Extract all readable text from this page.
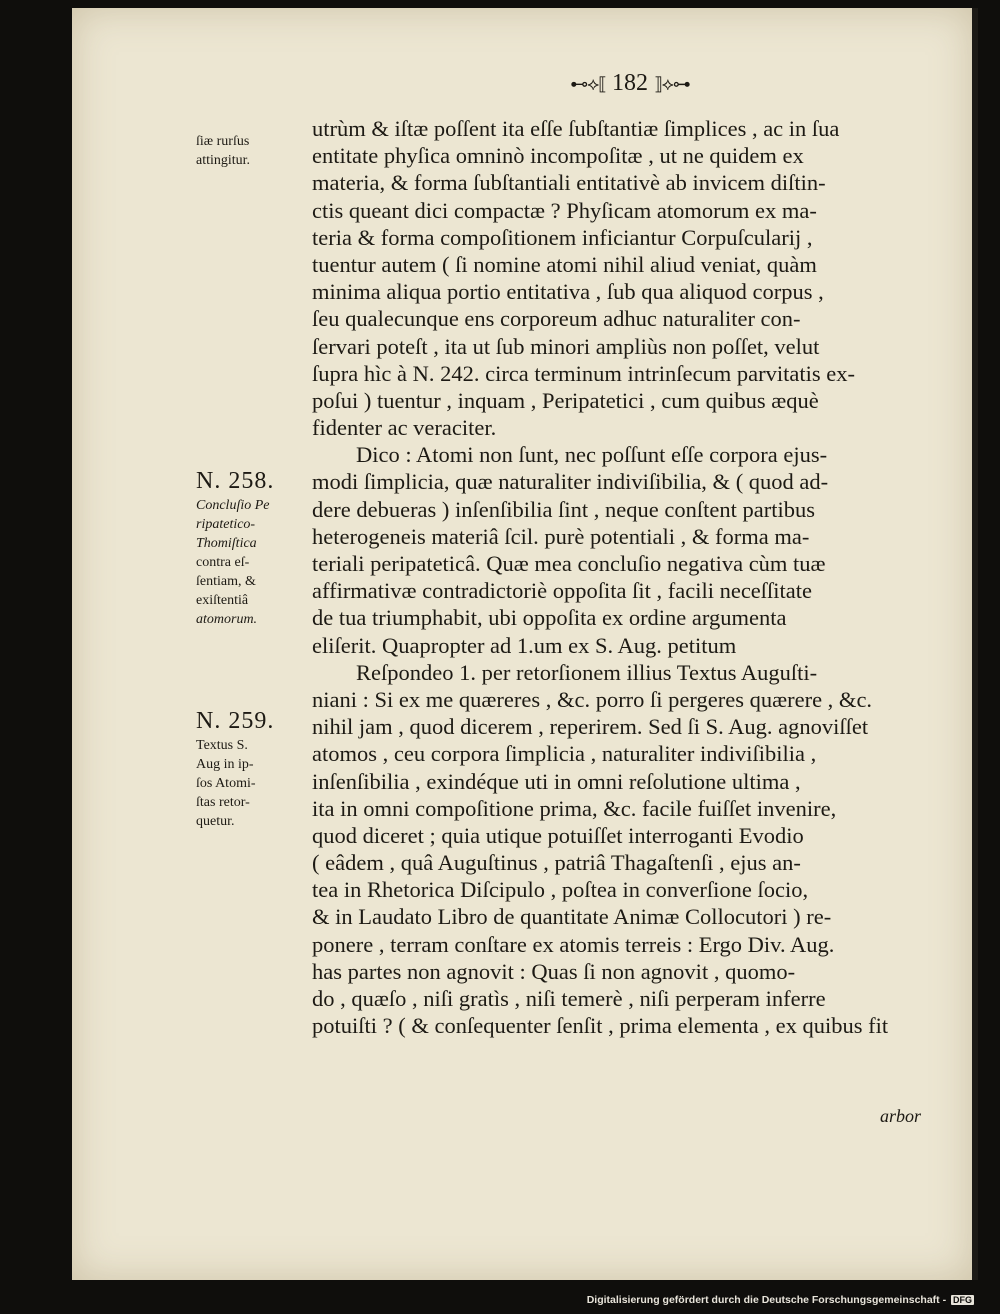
⊷⟡⟦ 182 ⟧⟡⊶
ſiæ rurſus
attingitur.
N. 258.
Concluſio Pe
ripatetico-
Thomiſtica
contra eſ-
ſentiam, &
exiſtentiâ
atomorum.
N. 259.
Textus S.
Aug in ip-
ſos Atomi-
ſtas retor-
quetur.
utrùm & iſtæ poſſent ita eſſe ſubſtantiæ ſimplices , ac in ſua
entitate phyſica omninò incompoſitæ , ut ne quidem ex
materia, & forma ſubſtantiali entitativè ab invicem diſtin-
ctis queant dici compactæ ? Phyſicam atomorum ex ma-
teria & forma compoſitionem inficiantur Corpuſcularij ,
tuentur autem ( ſi nomine atomi nihil aliud veniat, quàm
minima aliqua portio entitativa , ſub qua aliquod corpus ,
ſeu qualecunque ens corporeum adhuc naturaliter con-
ſervari poteſt , ita ut ſub minori ampliùs non poſſet, velut
ſupra hìc à N. 242. circa terminum intrinſecum parvitatis ex-
poſui ) tuentur , inquam , Peripatetici , cum quibus æquè
fidenter ac veraciter.
Dico : Atomi non ſunt, nec poſſunt eſſe corpora ejus-
modi ſimplicia, quæ naturaliter indiviſibilia, & ( quod ad-
dere debueras ) inſenſibilia ſint , neque conſtent partibus
heterogeneis materiâ ſcil. purè potentiali , & forma ma-
teriali peripateticâ. Quæ mea concluſio negativa cùm tuæ
affirmativæ contradictoriè oppoſita ſit , facili neceſſitate
de tua triumphabit, ubi oppoſita ex ordine argumenta
eliſerit. Quapropter ad 1.um ex S. Aug. petitum
Reſpondeo 1. per retorſionem illius Textus Auguſti-
niani : Si ex me quæreres , &c. porro ſi pergeres quærere , &c.
nihil jam , quod dicerem , reperirem. Sed ſi S. Aug. agnoviſſet
atomos , ceu corpora ſimplicia , naturaliter indiviſibilia ,
inſenſibilia , exindéque uti in omni reſolutione ultima ,
ita in omni compoſitione prima, &c. facile fuiſſet invenire,
quod diceret ; quia utique potuiſſet interroganti Evodio
( eâdem , quâ Auguſtinus , patriâ Thagaſtenſi , ejus an-
tea in Rhetorica Diſcipulo , poſtea in converſione ſocio,
& in Laudato Libro de quantitate Animæ Collocutori ) re-
ponere , terram conſtare ex atomis terreis : Ergo Div. Aug.
has partes non agnovit : Quas ſi non agnovit , quomo-
do , quæſo , niſi gratìs , niſi temerè , niſi perperam inferre
potuiſti ? ( & conſequenter ſenſit , prima elementa , ex quibus fit
arbor
Digitalisierung gefördert durch die Deutsche Forschungsgemeinschaft - DFG
